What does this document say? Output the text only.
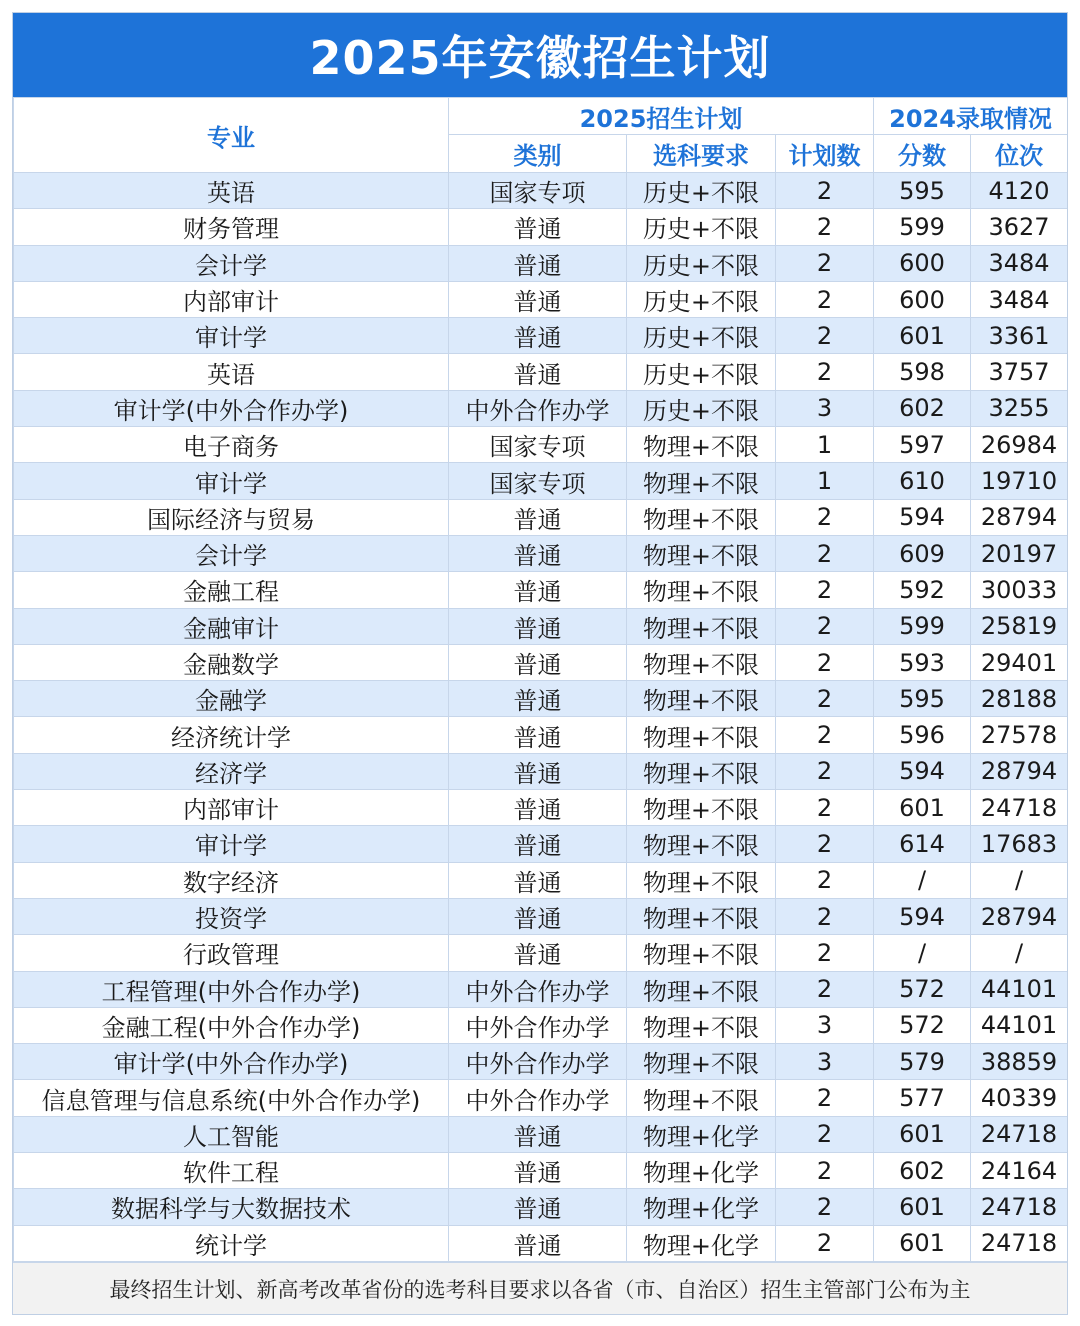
2025年安徽招生计划
专业	2025招生计划			2024录取情况	
	类别	选科要求	计划数	分数	位次
英语	国家专项	历史+不限	2	595	4120
财务管理	普通	历史+不限	2	599	3627
会计学	普通	历史+不限	2	600	3484
内部审计	普通	历史+不限	2	600	3484
审计学	普通	历史+不限	2	601	3361
英语	普通	历史+不限	2	598	3757
审计学(中外合作办学)	中外合作办学	历史+不限	3	602	3255
电子商务	国家专项	物理+不限	1	597	26984
审计学	国家专项	物理+不限	1	610	19710
国际经济与贸易	普通	物理+不限	2	594	28794
会计学	普通	物理+不限	2	609	20197
金融工程	普通	物理+不限	2	592	30033
金融审计	普通	物理+不限	2	599	25819
金融数学	普通	物理+不限	2	593	29401
金融学	普通	物理+不限	2	595	28188
经济统计学	普通	物理+不限	2	596	27578
经济学	普通	物理+不限	2	594	28794
内部审计	普通	物理+不限	2	601	24718
审计学	普通	物理+不限	2	614	17683
数字经济	普通	物理+不限	2	/	/
投资学	普通	物理+不限	2	594	28794
行政管理	普通	物理+不限	2	/	/
工程管理(中外合作办学)	中外合作办学	物理+不限	2	572	44101
金融工程(中外合作办学)	中外合作办学	物理+不限	3	572	44101
审计学(中外合作办学)	中外合作办学	物理+不限	3	579	38859
信息管理与信息系统(中外合作办学)	中外合作办学	物理+不限	2	577	40339
人工智能	普通	物理+化学	2	601	24718
软件工程	普通	物理+化学	2	602	24164
数据科学与大数据技术	普通	物理+化学	2	601	24718
统计学	普通	物理+化学	2	601	24718
最终招生计划、新高考改革省份的选考科目要求以各省（市、自治区）招生主管部门公布为主
